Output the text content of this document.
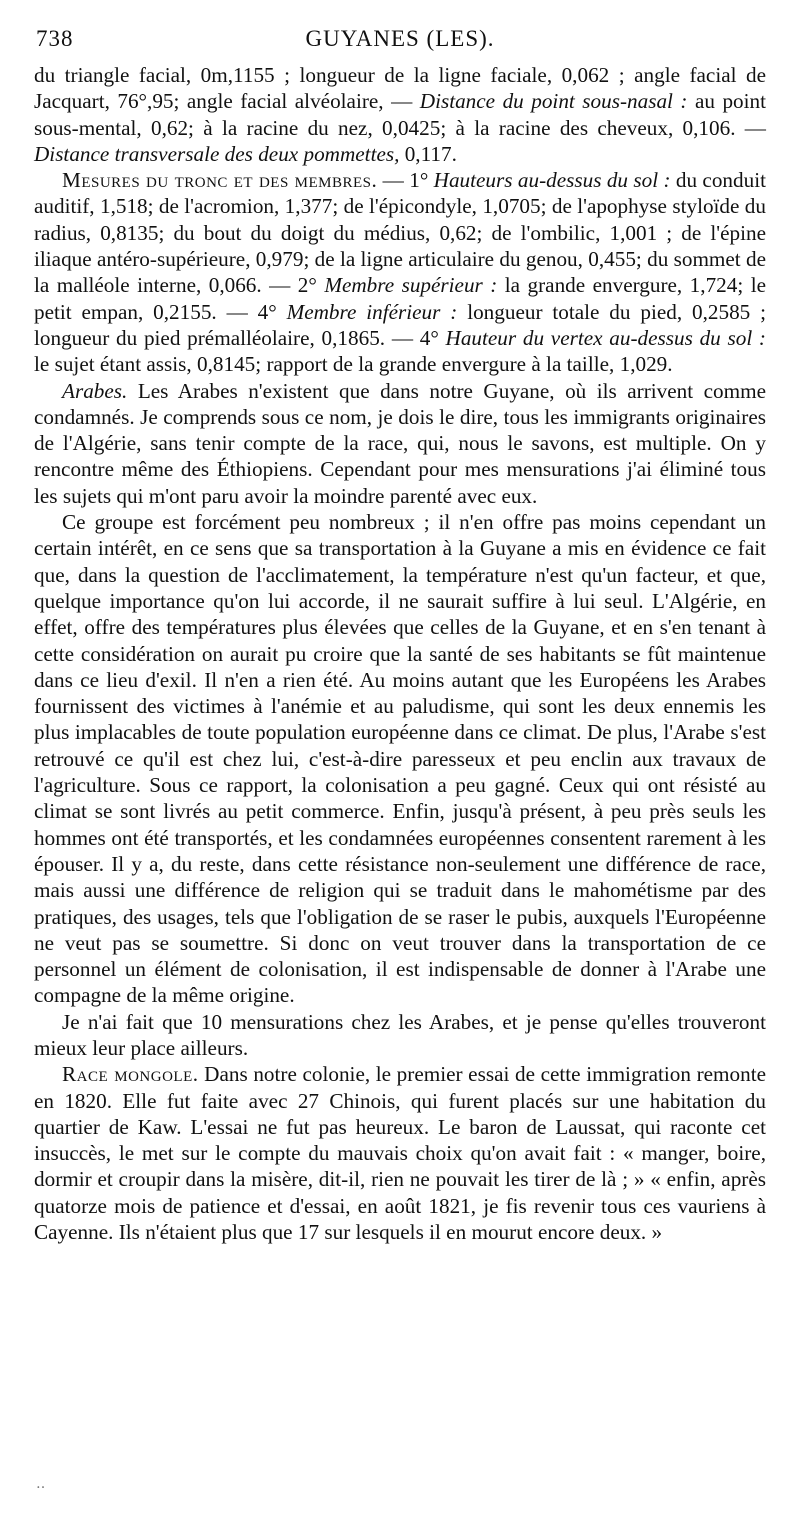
738	GUYANES (LES).

du triangle facial, 0m,1155 ; longueur de la ligne faciale, 0,062 ; angle facial de Jacquart, 76°,95; angle facial alvéolaire, — Distance du point sous-nasal : au point sous-mental, 0,62; à la racine du nez, 0,0425; à la racine des cheveux, 0,106. — Distance transversale des deux pommettes, 0,117.

Mesures du tronc et des membres. — 1° Hauteurs au-dessus du sol : du conduit auditif, 1,518; de l'acromion, 1,377; de l'épicondyle, 1,0705; de l'apophyse styloïde du radius, 0,8135; du bout du doigt du médius, 0,62; de l'ombilic, 1,001 ; de l'épine iliaque antéro-supérieure, 0,979; de la ligne articulaire du genou, 0,455; du sommet de la malléole interne, 0,066. — 2° Membre supérieur : la grande envergure, 1,724; le petit empan, 0,2155. — 4° Membre inférieur : longueur totale du pied, 0,2585 ; longueur du pied prémalléolaire, 0,1865. — 4° Hauteur du vertex au-dessus du sol : le sujet étant assis, 0,8145; rapport de la grande envergure à la taille, 1,029.

Arabes. Les Arabes n'existent que dans notre Guyane, où ils arrivent comme condamnés. Je comprends sous ce nom, je dois le dire, tous les immigrants originaires de l'Algérie, sans tenir compte de la race, qui, nous le savons, est multiple. On y rencontre même des Éthiopiens. Cependant pour mes mensurations j'ai éliminé tous les sujets qui m'ont paru avoir la moindre parenté avec eux.

Ce groupe est forcément peu nombreux ; il n'en offre pas moins cependant un certain intérêt, en ce sens que sa transportation à la Guyane a mis en évidence ce fait que, dans la question de l'acclimatement, la température n'est qu'un facteur, et que, quelque importance qu'on lui accorde, il ne saurait suffire à lui seul. L'Algérie, en effet, offre des températures plus élevées que celles de la Guyane, et en s'en tenant à cette considération on aurait pu croire que la santé de ses habitants se fût maintenue dans ce lieu d'exil. Il n'en a rien été. Au moins autant que les Européens les Arabes fournissent des victimes à l'anémie et au paludisme, qui sont les deux ennemis les plus implacables de toute population européenne dans ce climat. De plus, l'Arabe s'est retrouvé ce qu'il est chez lui, c'est-à-dire paresseux et peu enclin aux travaux de l'agriculture. Sous ce rapport, la colonisation a peu gagné. Ceux qui ont résisté au climat se sont livrés au petit commerce. Enfin, jusqu'à présent, à peu près seuls les hommes ont été transportés, et les condamnées européennes consentent rarement à les épouser. Il y a, du reste, dans cette résistance non-seulement une différence de race, mais aussi une différence de religion qui se traduit dans le mahométisme par des pratiques, des usages, tels que l'obligation de se raser le pubis, auxquels l'Européenne ne veut pas se soumettre. Si donc on veut trouver dans la transportation de ce personnel un élément de colonisation, il est indispensable de donner à l'Arabe une compagne de la même origine.

Je n'ai fait que 10 mensurations chez les Arabes, et je pense qu'elles trouveront mieux leur place ailleurs.

Race mongole. Dans notre colonie, le premier essai de cette immigration remonte en 1820. Elle fut faite avec 27 Chinois, qui furent placés sur une habitation du quartier de Kaw. L'essai ne fut pas heureux. Le baron de Laussat, qui raconte cet insuccès, le met sur le compte du mauvais choix qu'on avait fait : « manger, boire, dormir et croupir dans la misère, dit-il, rien ne pouvait les tirer de là ; » « enfin, après quatorze mois de patience et d'essai, en août 1821, je fis revenir tous ces vauriens à Cayenne. Ils n'étaient plus que 17 sur lesquels il en mourut encore deux. »

‥
